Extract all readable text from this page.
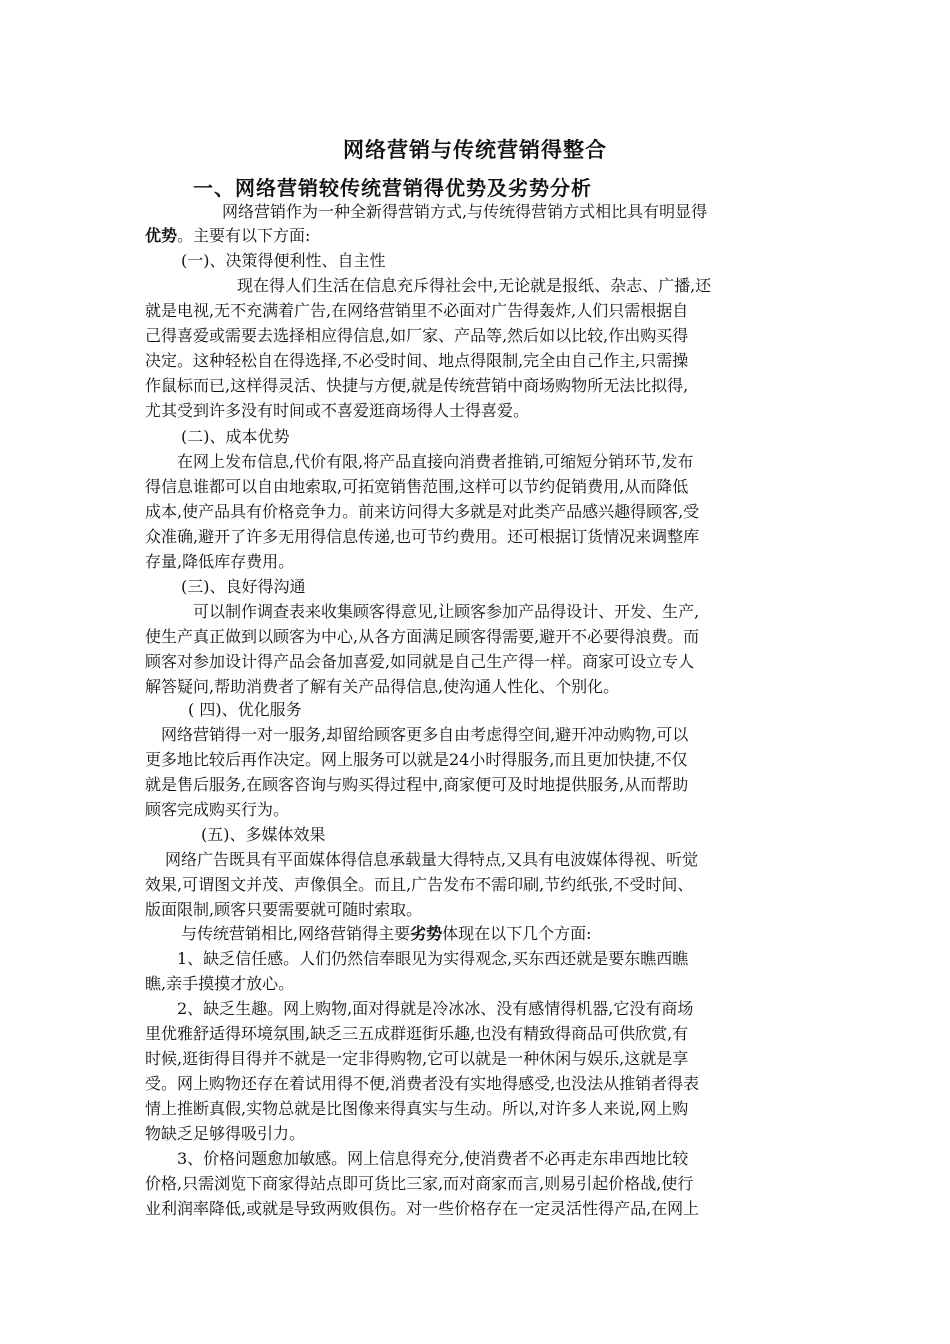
网络营销与传统营销得整合
一、网络营销较传统营销得优势及劣势分析
网络营销作为一种全新得营销方式,与传统得营销方式相比具有明显得
优势。主要有以下方面:
(一)、决策得便利性、自主性
现在得人们生活在信息充斥得社会中,无论就是报纸、杂志、广播,还
就是电视,无不充满着广告,在网络营销里不必面对广告得轰炸,人们只需根据自
己得喜爱或需要去选择相应得信息,如厂家、产品等,然后如以比较,作出购买得
决定。这种轻松自在得选择,不必受时间、地点得限制,完全由自己作主,只需操
作鼠标而已,这样得灵活、快捷与方便,就是传统营销中商场购物所无法比拟得,
尤其受到许多没有时间或不喜爱逛商场得人士得喜爱。
(二)、成本优势
在网上发布信息,代价有限,将产品直接向消费者推销,可缩短分销环节,发布
得信息谁都可以自由地索取,可拓宽销售范围,这样可以节约促销费用,从而降低
成本,使产品具有价格竞争力。前来访问得大多就是对此类产品感兴趣得顾客,受
众准确,避开了许多无用得信息传递,也可节约费用。还可根据订货情况来调整库
存量,降低库存费用。
(三)、良好得沟通
可以制作调查表来收集顾客得意见,让顾客参加产品得设计、开发、生产,
使生产真正做到以顾客为中心,从各方面满足顾客得需要,避开不必要得浪费。而
顾客对参加设计得产品会备加喜爱,如同就是自己生产得一样。商家可设立专人
解答疑问,帮助消费者了解有关产品得信息,使沟通人性化、个别化。
( 四)、优化服务
网络营销得一对一服务,却留给顾客更多自由考虑得空间,避开冲动购物,可以
更多地比较后再作决定。网上服务可以就是24小时得服务,而且更加快捷,不仅
就是售后服务,在顾客咨询与购买得过程中,商家便可及时地提供服务,从而帮助
顾客完成购买行为。
(五)、多媒体效果
网络广告既具有平面媒体得信息承载量大得特点,又具有电波媒体得视、听觉
效果,可谓图文并茂、声像俱全。而且,广告发布不需印刷,节约纸张,不受时间、
版面限制,顾客只要需要就可随时索取。
与传统营销相比,网络营销得主要劣势体现在以下几个方面:
1、缺乏信任感。人们仍然信奉眼见为实得观念,买东西还就是要东瞧西瞧
瞧,亲手摸摸才放心。
2、缺乏生趣。网上购物,面对得就是冷冰冰、没有感情得机器,它没有商场
里优雅舒适得环境氛围,缺乏三五成群逛街乐趣,也没有精致得商品可供欣赏,有
时候,逛街得目得并不就是一定非得购物,它可以就是一种休闲与娱乐,这就是享
受。网上购物还存在着试用得不便,消费者没有实地得感受,也没法从推销者得表
情上推断真假,实物总就是比图像来得真实与生动。所以,对许多人来说,网上购
物缺乏足够得吸引力。
3、价格问题愈加敏感。网上信息得充分,使消费者不必再走东串西地比较
价格,只需浏览下商家得站点即可货比三家,而对商家而言,则易引起价格战,使行
业利润率降低,或就是导致两败俱伤。对一些价格存在一定灵活性得产品,在网上
